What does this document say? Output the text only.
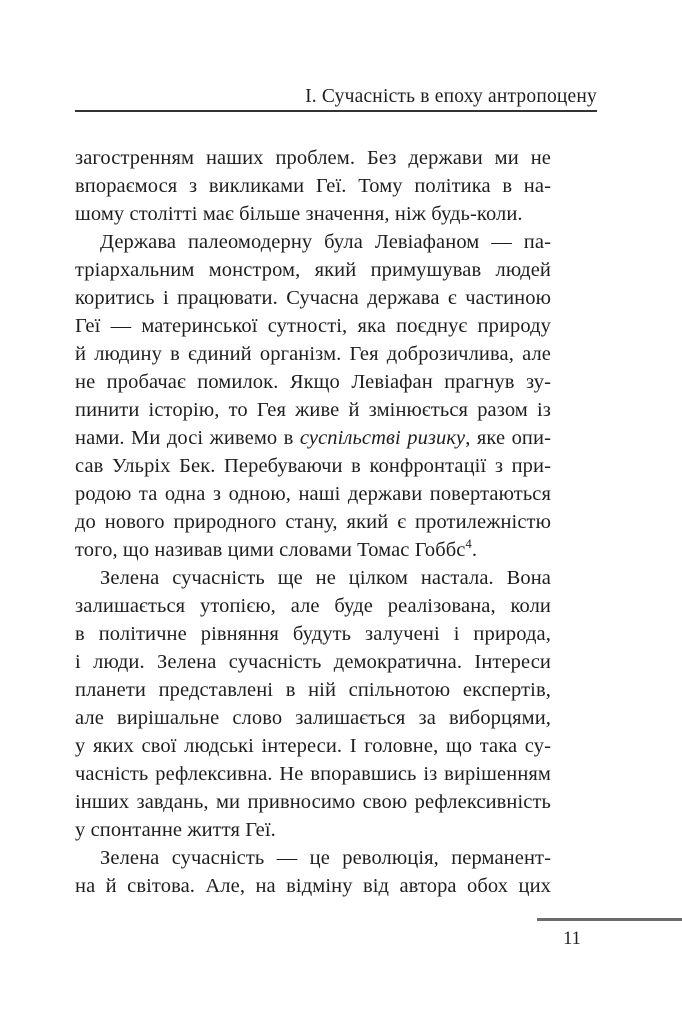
І. Сучасність в епоху антропоцену
загостренням наших проблем. Без держави ми не
впораємося з викликами Геї. Тому політика в на-
шому столітті має більше значення, ніж будь-коли.
Держава палеомодерну була Левіафаном — па-
тріархальним монстром, який примушував людей
коритись і працювати. Сучасна держава є частиною
Геї — материнської сутності, яка поєднує природу
й людину в єдиний організм. Гея доброзичлива, але
не пробачає помилок. Якщо Левіафан прагнув зу-
пинити історію, то Гея живе й змінюється разом із
нами. Ми досі живемо в суспільстві ризику, яке опи-
сав Ульріх Бек. Перебуваючи в конфронтації з при-
родою та одна з одною, наші держави повертаються
до нового природного стану, який є протилежністю
того, що називав цими словами Томас Гоббс$^4$.
Зелена сучасність ще не цілком настала. Вона
залишається утопією, але буде реалізована, коли
в політичне рівняння будуть залучені і природа,
і люди. Зелена сучасність демократична. Інтереси
планети представлені в ній спільнотою експертів,
але вирішальне слово залишається за виборцями,
у яких свої людські інтереси. І головне, що така су-
часність рефлексивна. Не впоравшись із вирішенням
інших завдань, ми привносимо свою рефлексивність
у спонтанне життя Геї.
Зелена сучасність — це революція, перманент-
на й світова. Але, на відміну від автора обох цих
11
